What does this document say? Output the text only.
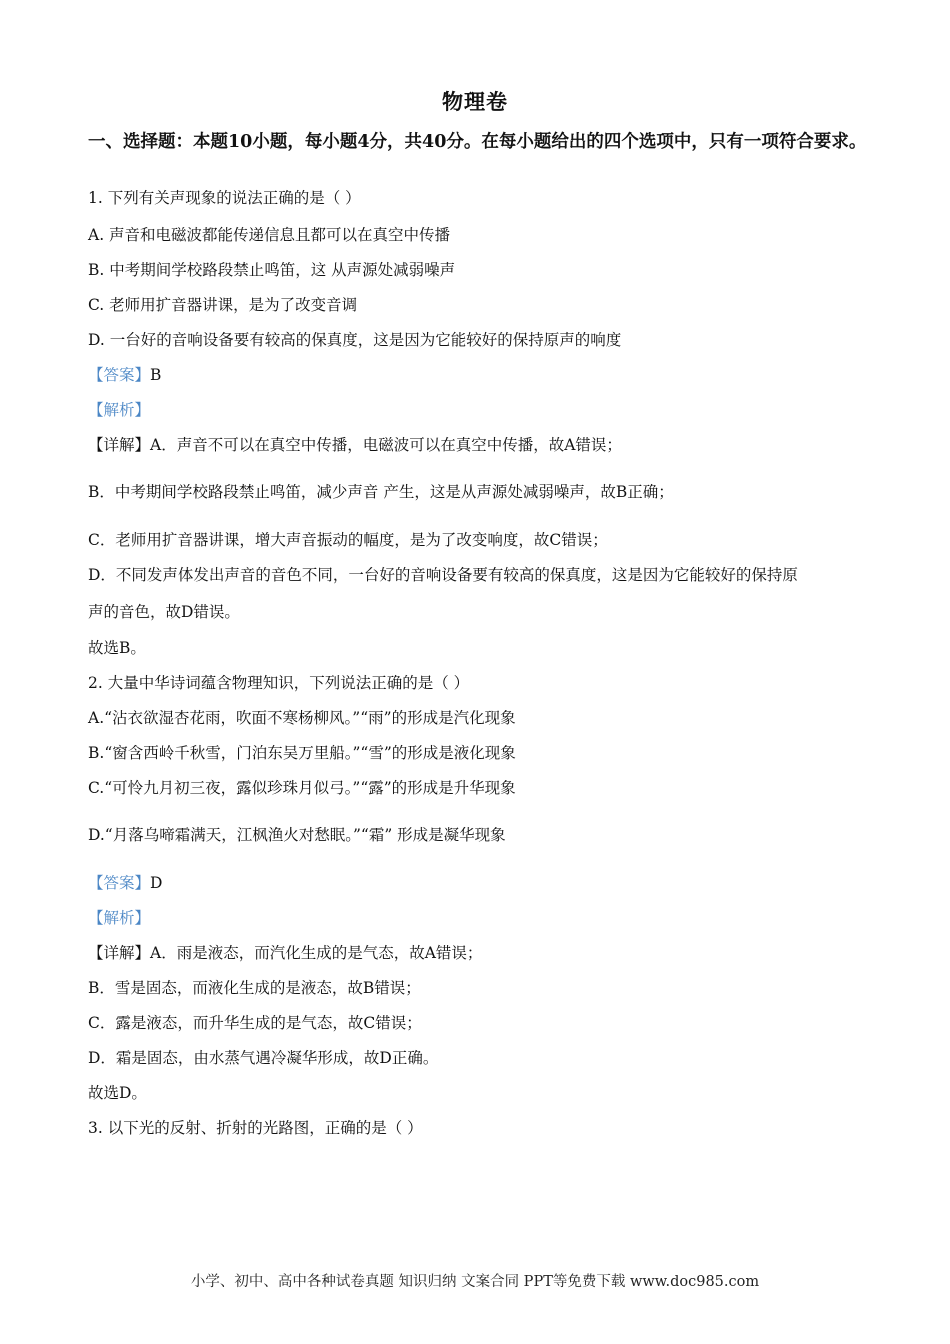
物理卷
一、选择题：本题10小题，每小题4分，共40分。在每小题给出的四个选项中，只有一项符合要求。
1. 下列有关声现象的说法正确的是（ ）
A. 声音和电磁波都能传递信息且都可以在真空中传播
B. 中考期间学校路段禁止鸣笛，这 从声源处减弱噪声
C. 老师用扩音器讲课，是为了改变音调
D. 一台好的音响设备要有较高的保真度，这是因为它能较好的保持原声的响度
【答案】B
【解析】
【详解】A．声音不可以在真空中传播，电磁波可以在真空中传播，故A错误；
B．中考期间学校路段禁止鸣笛，减少声音 产生，这是从声源处减弱噪声，故B正确；
C．老师用扩音器讲课，增大声音振动的幅度，是为了改变响度，故C错误；
D．不同发声体发出声音的音色不同，一台好的音响设备要有较高的保真度，这是因为它能较好的保持原
声的音色，故D错误。
故选B。
2. 大量中华诗词蕴含物理知识，下列说法正确的是（ ）
A.“沾衣欲湿杏花雨，吹面不寒杨柳风。”“雨”的形成是汽化现象
B.“窗含西岭千秋雪，门泊东吴万里船。”“雪”的形成是液化现象
C.“可怜九月初三夜，露似珍珠月似弓。”“露”的形成是升华现象
D.“月落乌啼霜满天，江枫渔火对愁眠。”“霜” 形成是凝华现象
【答案】D
【解析】
【详解】A．雨是液态，而汽化生成的是气态，故A错误；
B．雪是固态，而液化生成的是液态，故B错误；
C．露是液态，而升华生成的是气态，故C错误；
D．霜是固态，由水蒸气遇冷凝华形成，故D正确。
故选D。
3. 以下光的反射、折射的光路图，正确的是（ ）
小学、初中、高中各种试卷真题 知识归纳 文案合同 PPT等免费下载 www.doc985.com
